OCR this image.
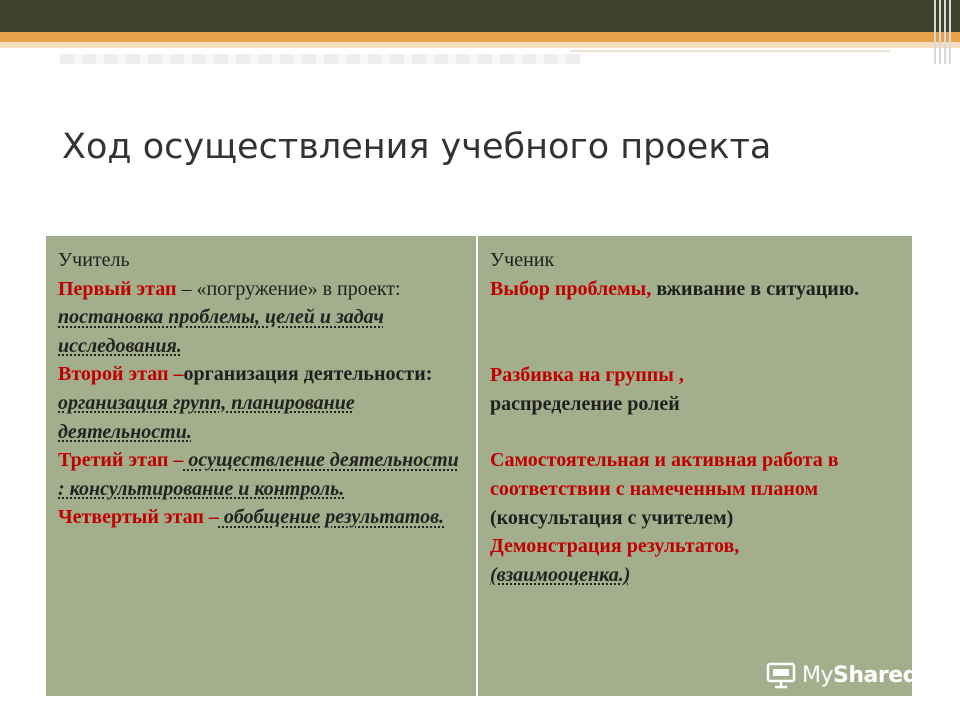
Ход осуществления учебного проекта

Учитель

Первый этап – «погружение» в проект: постановка проблемы, целей и задач исследования.

Второй этап –организация деятельности: организация групп, планирование деятельности.

Третий этап – осуществление деятельности : консультирование и контроль.

Четвертый этап – обобщение результатов.

Ученик

Выбор проблемы, вживание в ситуацию.

Разбивка на группы ,
распределение ролей

Самостоятельная и активная работа в соответствии с намеченным планом
(консультация с учителем)

Демонстрация результатов,
(взаимооценка.)

MyShared
